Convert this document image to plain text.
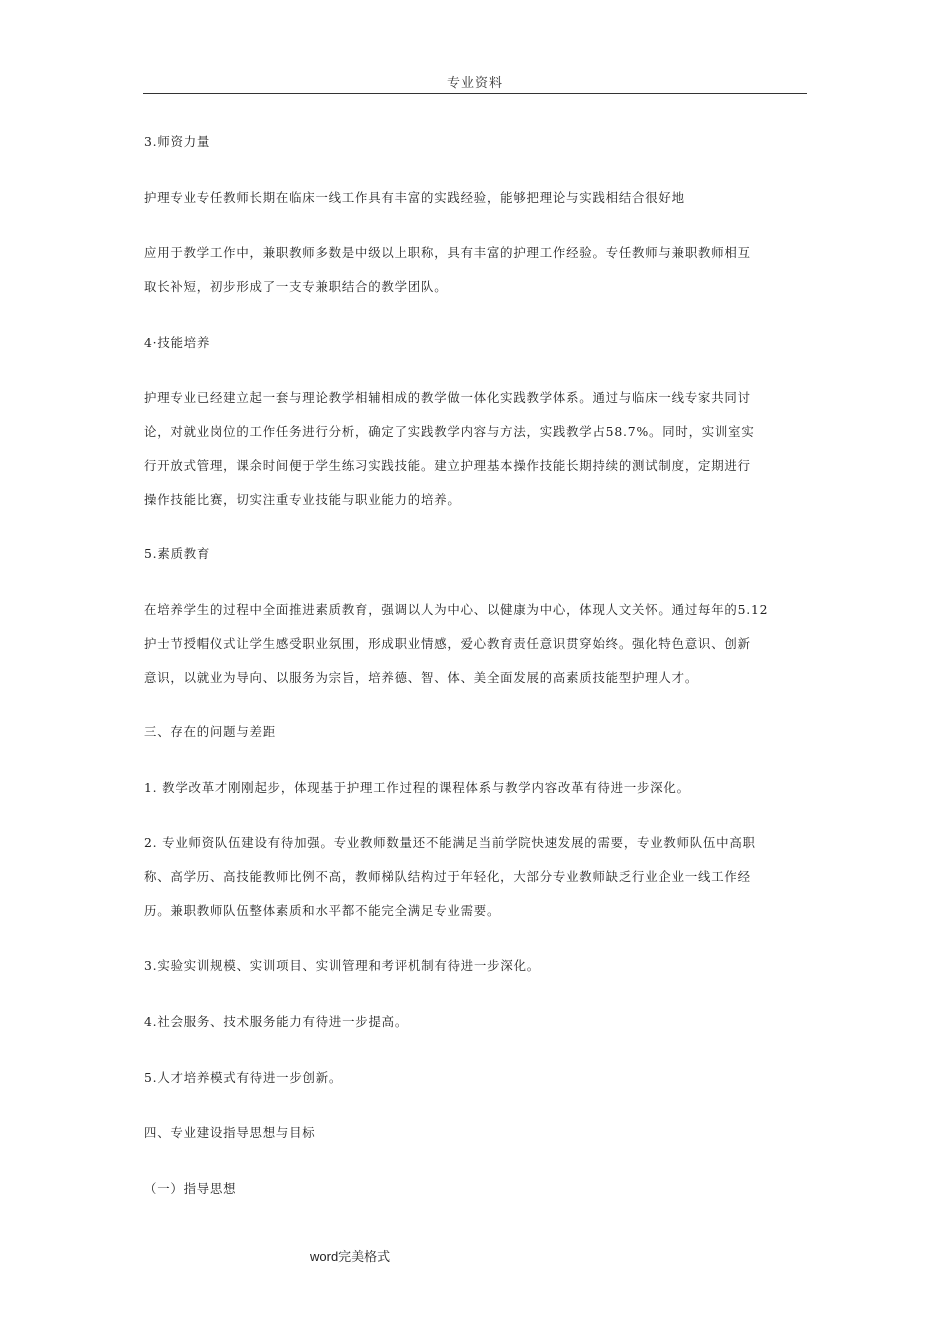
专业资料
3.师资力量
护理专业专任教师长期在临床一线工作具有丰富的实践经验，能够把理论与实践相结合很好地
应用于教学工作中，兼职教师多数是中级以上职称，具有丰富的护理工作经验。专任教师与兼职教师相互
取长补短，初步形成了一支专兼职结合的教学团队。
4·技能培养
护理专业已经建立起一套与理论教学相辅相成的教学做一体化实践教学体系。通过与临床一线专家共同讨
论，对就业岗位的工作任务进行分析，确定了实践教学内容与方法，实践教学占58.7%。同时，实训室实
行开放式管理，课余时间便于学生练习实践技能。建立护理基本操作技能长期持续的测试制度，定期进行
操作技能比赛，切实注重专业技能与职业能力的培养。
5.素质教育
在培养学生的过程中全面推进素质教育，强调以人为中心、以健康为中心，体现人文关怀。通过每年的5.12
护士节授帽仪式让学生感受职业氛围，形成职业情感，爱心教育责任意识贯穿始终。强化特色意识、创新
意识，以就业为导向、以服务为宗旨，培养德、智、体、美全面发展的高素质技能型护理人才。
三、存在的问题与差距
1. 教学改革才刚刚起步，体现基于护理工作过程的课程体系与教学内容改革有待进一步深化。
2. 专业师资队伍建设有待加强。专业教师数量还不能满足当前学院快速发展的需要，专业教师队伍中高职
称、高学历、高技能教师比例不高，教师梯队结构过于年轻化，大部分专业教师缺乏行业企业一线工作经
历。兼职教师队伍整体素质和水平都不能完全满足专业需要。
3.实验实训规模、实训项目、实训管理和考评机制有待进一步深化。
4.社会服务、技术服务能力有待进一步提高。
5.人才培养模式有待进一步创新。
四、专业建设指导思想与目标
（一）指导思想
word完美格式
